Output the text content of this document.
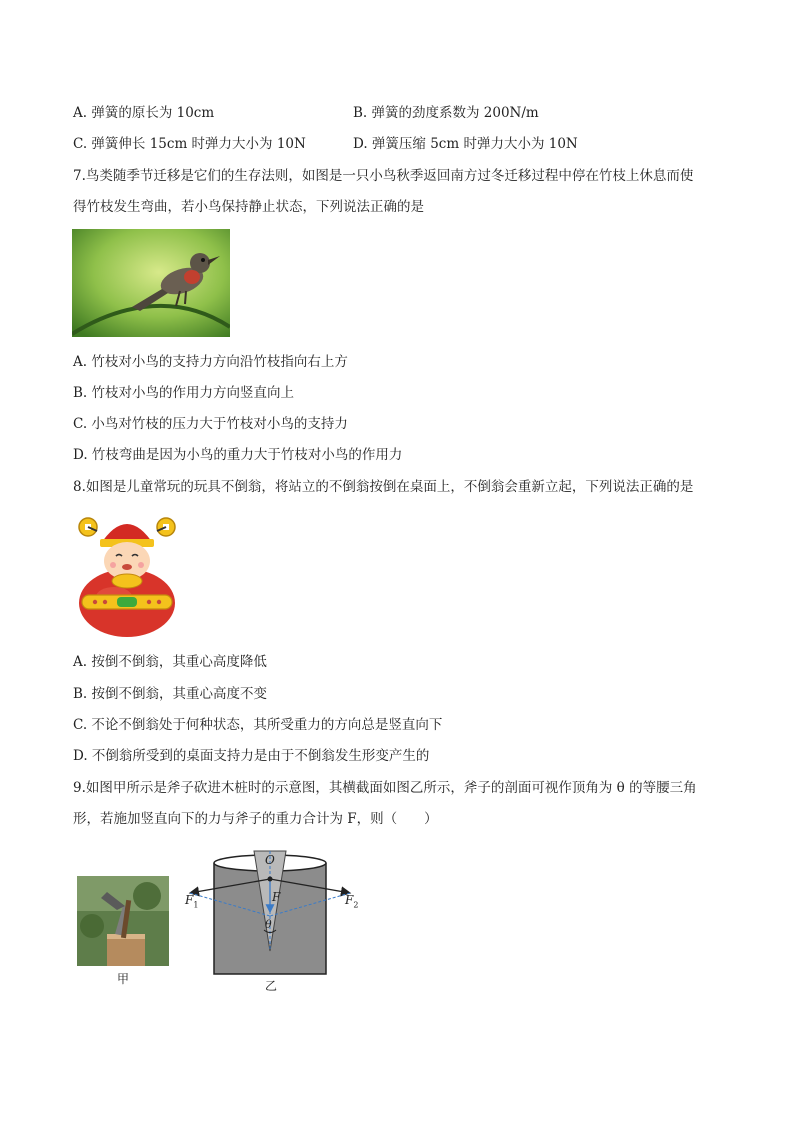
A. 弹簧的原长为 10cm	B. 弹簧的劲度系数为 200N/m
C. 弹簧伸长 15cm 时弹力大小为 10N	D. 弹簧压缩 5cm 时弹力大小为 10N
7.鸟类随季节迁移是它们的生存法则，如图是一只小鸟秋季返回南方过冬迁移过程中停在竹枝上休息而使
得竹枝发生弯曲，若小鸟保持静止状态，下列说法正确的是
A. 竹枝对小鸟的支持力方向沿竹枝指向右上方
B. 竹枝对小鸟的作用力方向竖直向上
C. 小鸟对竹枝的压力大于竹枝对小鸟的支持力
D. 竹枝弯曲是因为小鸟的重力大于竹枝对小鸟的作用力
8.如图是儿童常玩的玩具不倒翁，将站立的不倒翁按倒在桌面上，不倒翁会重新立起，下列说法正确的是
A. 按倒不倒翁，其重心高度降低
B. 按倒不倒翁，其重心高度不变
C. 不论不倒翁处于何种状态，其所受重力的方向总是竖直向下
D. 不倒翁所受到的桌面支持力是由于不倒翁发生形变产生的
9.如图甲所示是斧子砍进木桩时的示意图，其横截面如图乙所示，斧子的剖面可视作顶角为 θ 的等腰三角
形，若施加竖直向下的力与斧子的重力合计为 F，则（　　）
甲
O
F
$F_1$	$F_2$
θ
乙
